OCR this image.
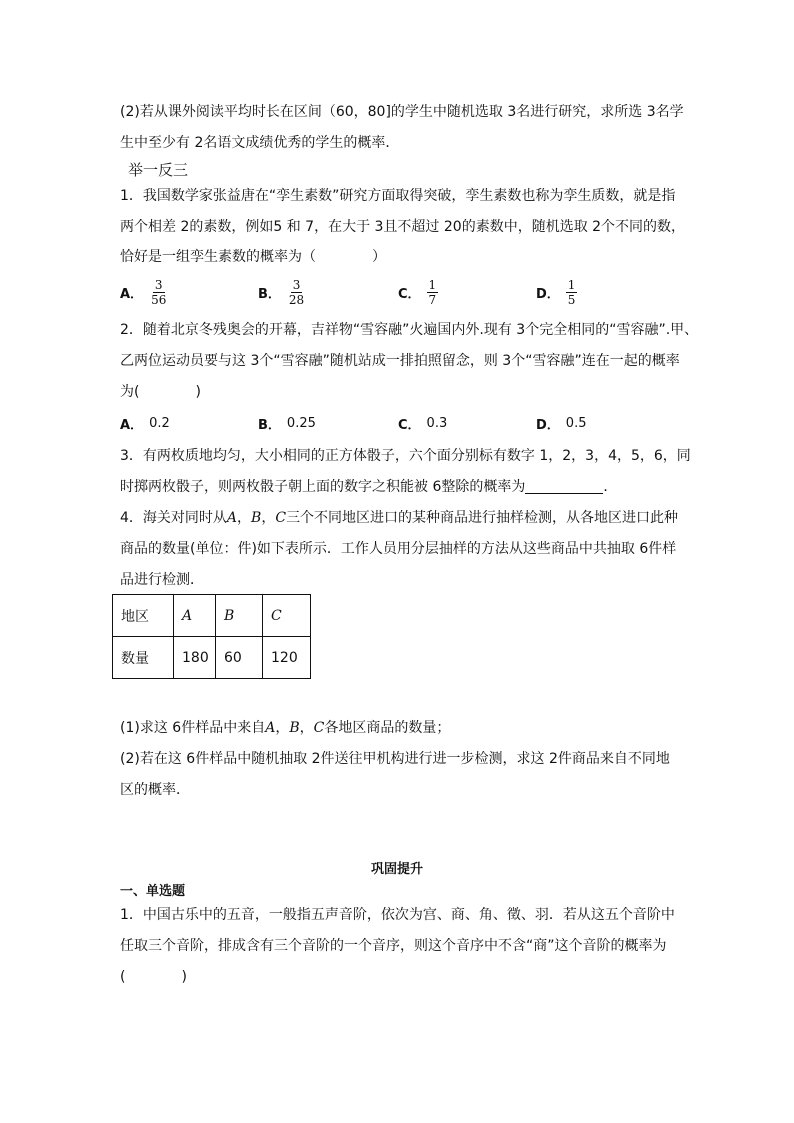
(2)若从课外阅读平均时长在区间（60，80]的学生中随机选取 3名进行研究，求所选 3名学
生中至少有 2名语文成绩优秀的学生的概率．
举一反三
1．我国数学家张益唐在“孪生素数”研究方面取得突破，孪生素数也称为孪生质数，就是指
两个相差 2的素数，例如5 和 7，在大于 3且不超过 20的素数中，随机选取 2个不同的数，
恰好是一组孪生素数的概率为（　　　　）
A． $\frac{3}{56}$	B． $\frac{3}{28}$	C． $\frac{1}{7}$	D． $\frac{1}{5}$
2．随着北京冬残奥会的开幕，吉祥物“雪容融”火遍国内外.现有 3个完全相同的“雪容融”.甲、
乙两位运动员要与这 3个“雪容融”随机站成一排拍照留念，则 3个“雪容融”连在一起的概率
为(　　　　)
A． 0.2	B． 0.25	C． 0.3	D． 0.5
3．有两枚质地均匀，大小相同的正方体骰子，六个面分别标有数字 1，2，3，4，5，6，同
时掷两枚骰子，则两枚骰子朝上面的数字之积能被 6整除的概率为	．
4．海关对同时从A，B，C三个不同地区进口的某种商品进行抽样检测，从各地区进口此种
商品的数量(单位：件)如下表所示．工作人员用分层抽样的方法从这些商品中共抽取 6件样
品进行检测．
地区	A	B	C
数量	180	60	120
(1)求这 6件样品中来自A，B，C各地区商品的数量；
(2)若在这 6件样品中随机抽取 2件送往甲机构进行进一步检测，求这 2件商品来自不同地
区的概率．
巩固提升
一、单选题
1．中国古乐中的五音，一般指五声音阶，依次为宫、商、角、徵、羽．若从这五个音阶中
任取三个音阶，排成含有三个音阶的一个音序，则这个音序中不含“商”这个音阶的概率为
(　　　　)
